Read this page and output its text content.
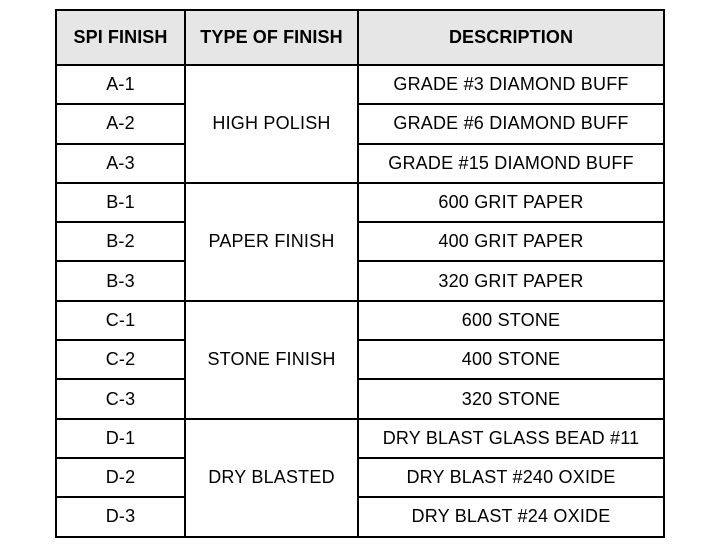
SPI FINISH	TYPE OF FINISH	DESCRIPTION
A-1	HIGH POLISH	GRADE #3 DIAMOND BUFF
A-2		GRADE #6 DIAMOND BUFF
A-3		GRADE #15 DIAMOND BUFF
B-1	PAPER FINISH	600 GRIT PAPER
B-2		400 GRIT PAPER
B-3		320 GRIT PAPER
C-1	STONE FINISH	600 STONE
C-2		400 STONE
C-3		320 STONE
D-1	DRY BLASTED	DRY BLAST GLASS BEAD #11
D-2		DRY BLAST #240 OXIDE
D-3		DRY BLAST #24 OXIDE
